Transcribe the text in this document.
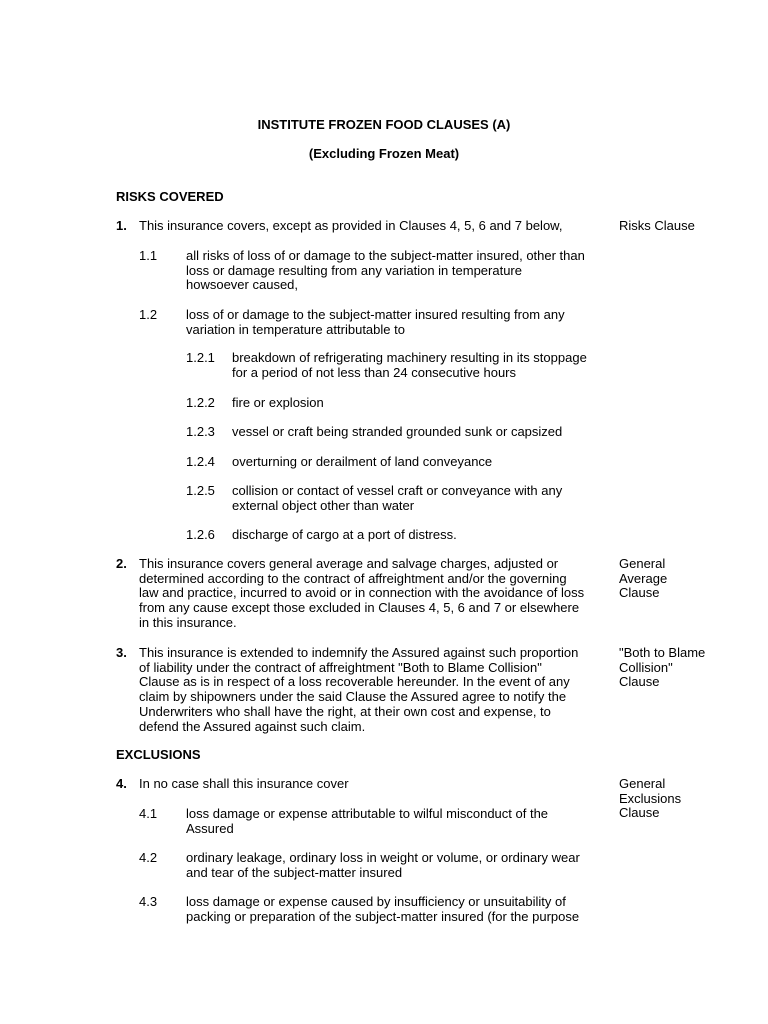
INSTITUTE FROZEN FOOD CLAUSES (A)
(Excluding Frozen Meat)
RISKS COVERED
1. This insurance covers, except as provided in Clauses 4, 5, 6 and 7 below,	Risks Clause
1.1 all risks of loss of or damage to the subject-matter insured, other than
loss or damage resulting from any variation in temperature
howsoever caused,
1.2 loss of or damage to the subject-matter insured resulting from any
variation in temperature attributable to
1.2.1 breakdown of refrigerating machinery resulting in its stoppage
for a period of not less than 24 consecutive hours
1.2.2 fire or explosion
1.2.3 vessel or craft being stranded grounded sunk or capsized
1.2.4 overturning or derailment of land conveyance
1.2.5 collision or contact of vessel craft or conveyance with any
external object other than water
1.2.6 discharge of cargo at a port of distress.
2. This insurance covers general average and salvage charges, adjusted or
determined according to the contract of affreightment and/or the governing
law and practice, incurred to avoid or in connection with the avoidance of loss
from any cause except those excluded in Clauses 4, 5, 6 and 7 or elsewhere
in this insurance.
General
Average
Clause
3. This insurance is extended to indemnify the Assured against such proportion
of liability under the contract of affreightment "Both to Blame Collision"
Clause as is in respect of a loss recoverable hereunder. In the event of any
claim by shipowners under the said Clause the Assured agree to notify the
Underwriters who shall have the right, at their own cost and expense, to
defend the Assured against such claim.
"Both to Blame
Collision"
Clause
EXCLUSIONS
4. In no case shall this insurance cover	General
Exclusions
Clause
4.1 loss damage or expense attributable to wilful misconduct of the
Assured
4.2 ordinary leakage, ordinary loss in weight or volume, or ordinary wear
and tear of the subject-matter insured
4.3 loss damage or expense caused by insufficiency or unsuitability of
packing or preparation of the subject-matter insured (for the purpose
